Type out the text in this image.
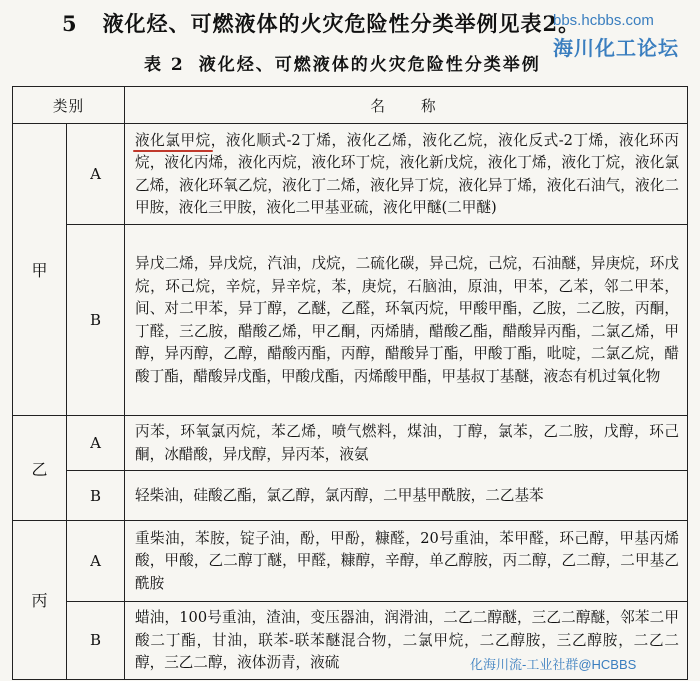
5 液化烃、可燃液体的火灾危险性分类举例见表2。
bbs.hcbbs.com
海川化工论坛
表 2 液化烃、可燃液体的火灾危险性分类举例
类别		名称
甲	A	液化氯甲烷，液化顺式-2丁烯，液化乙烯，液化乙烷，液化反式-2丁烯，液化环丙烷，液化丙烯，液化丙烷，液化环丁烷，液化新戊烷，液化丁烯，液化丁烷，液化氯乙烯，液化环氧乙烷，液化丁二烯，液化异丁烷，液化异丁烯，液化石油气，液化二甲胺，液化三甲胺，液化二甲基亚硫，液化甲醚(二甲醚)
	B	异戊二烯，异戊烷，汽油，戊烷，二硫化碳，异己烷，己烷，石油醚，异庚烷，环戊烷，环己烷，辛烷，异辛烷，苯，庚烷，石脑油，原油，甲苯，乙苯，邻二甲苯，间、对二甲苯，异丁醇，乙醚，乙醛，环氧丙烷，甲酸甲酯，乙胺，二乙胺，丙酮，丁醛，三乙胺，醋酸乙烯，甲乙酮，丙烯腈，醋酸乙酯，醋酸异丙酯，二氯乙烯，甲醇，异丙醇，乙醇，醋酸丙酯，丙醇，醋酸异丁酯，甲酸丁酯，吡啶，二氯乙烷，醋酸丁酯，醋酸异戊酯，甲酸戊酯，丙烯酸甲酯，甲基叔丁基醚，液态有机过氧化物
乙	A	丙苯，环氧氯丙烷，苯乙烯，喷气燃料，煤油，丁醇，氯苯，乙二胺，戊醇，环己酮，冰醋酸，异戊醇，异丙苯，液氨
	B	轻柴油，硅酸乙酯，氯乙醇，氯丙醇，二甲基甲酰胺，二乙基苯
丙	A	重柴油，苯胺，锭子油，酚，甲酚，糠醛，20号重油，苯甲醛，环己醇，甲基丙烯酸，甲酸，乙二醇丁醚，甲醛，糠醇，辛醇，单乙醇胺，丙二醇，乙二醇，二甲基乙酰胺
	B	蜡油，100号重油，渣油，变压器油，润滑油，二乙二醇醚，三乙二醇醚，邻苯二甲酸二丁酯，甘油，联苯-联苯醚混合物，二氯甲烷，二乙醇胺，三乙醇胺，二乙二醇，三乙二醇，液体沥青，液硫	化海川流-工业社群@HCBBS
